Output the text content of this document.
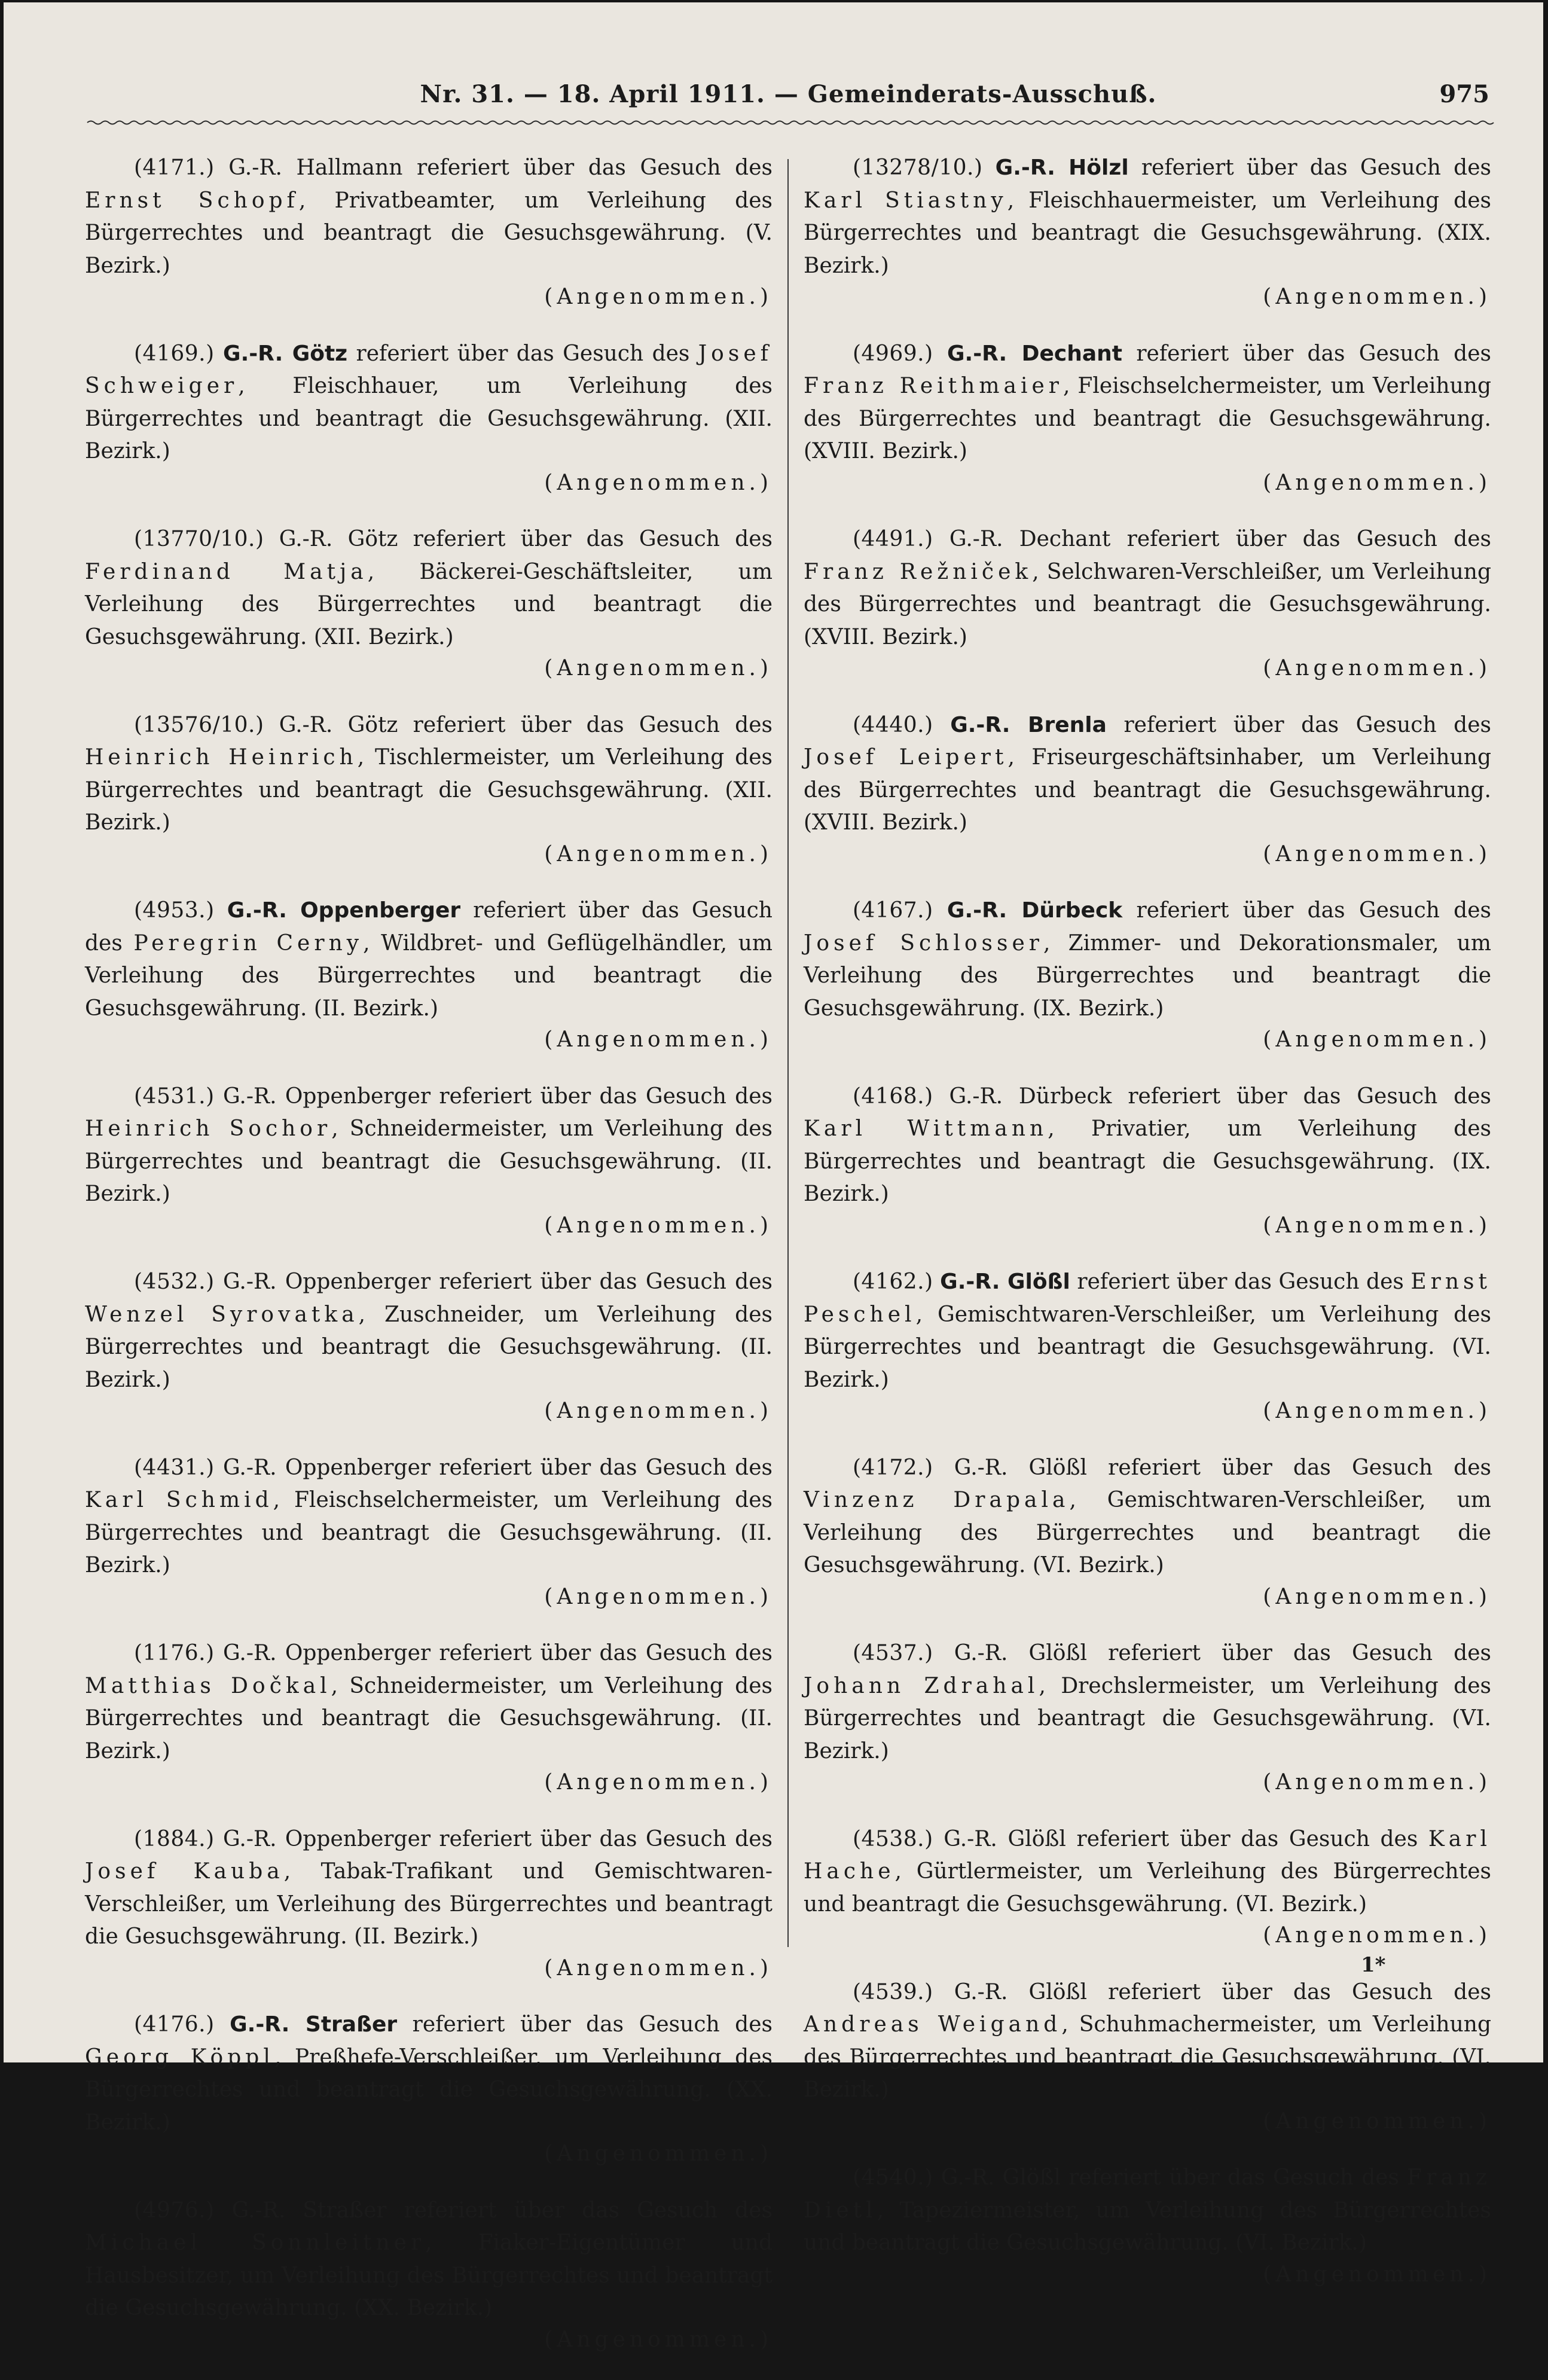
Nr. 31. — 18. April 1911. — Gemeinderats-Ausschuß.	975

(4171.) G.-R. Hallmann referiert über das Gesuch des Ernst Schopf, Privatbeamter, um Verleihung des Bürgerrechtes und beantragt die Gesuchsgewährung. (V. Bezirk.)
(Angenommen.)

(4169.) G.-R. Götz referiert über das Gesuch des Josef Schweiger, Fleischhauer, um Verleihung des Bürgerrechtes und beantragt die Gesuchsgewährung. (XII. Bezirk.)
(Angenommen.)

(13770/10.) G.-R. Götz referiert über das Gesuch des Ferdinand Matja, Bäckerei-Geschäftsleiter, um Verleihung des Bürgerrechtes und beantragt die Gesuchsgewährung. (XII. Bezirk.)
(Angenommen.)

(13576/10.) G.-R. Götz referiert über das Gesuch des Heinrich Heinrich, Tischlermeister, um Verleihung des Bürgerrechtes und beantragt die Gesuchsgewährung. (XII. Bezirk.)
(Angenommen.)

(4953.) G.-R. Oppenberger referiert über das Gesuch des Peregrin Cerny, Wildbret- und Geflügelhändler, um Verleihung des Bürgerrechtes und beantragt die Gesuchsgewährung. (II. Bezirk.)
(Angenommen.)

(4531.) G.-R. Oppenberger referiert über das Gesuch des Heinrich Sochor, Schneidermeister, um Verleihung des Bürgerrechtes und beantragt die Gesuchsgewährung. (II. Bezirk.)
(Angenommen.)

(4532.) G.-R. Oppenberger referiert über das Gesuch des Wenzel Syrovatka, Zuschneider, um Verleihung des Bürgerrechtes und beantragt die Gesuchsgewährung. (II. Bezirk.)
(Angenommen.)

(4431.) G.-R. Oppenberger referiert über das Gesuch des Karl Schmid, Fleischselchermeister, um Verleihung des Bürgerrechtes und beantragt die Gesuchsgewährung. (II. Bezirk.)
(Angenommen.)

(1176.) G.-R. Oppenberger referiert über das Gesuch des Matthias Dočkal, Schneidermeister, um Verleihung des Bürgerrechtes und beantragt die Gesuchsgewährung. (II. Bezirk.)
(Angenommen.)

(1884.) G.-R. Oppenberger referiert über das Gesuch des Josef Kauba, Tabak-Trafikant und Gemischtwaren-Verschleißer, um Verleihung des Bürgerrechtes und beantragt die Gesuchsgewährung. (II. Bezirk.)
(Angenommen.)

(4176.) G.-R. Straßer referiert über das Gesuch des Georg Köppl, Preßhefe-Verschleißer, um Verleihung des Bürgerrechtes und beantragt die Gesuchsgewährung. (XX. Bezirk.)
(Angenommen.)

(4976.) G.-R. Straßer referiert über das Gesuch des Michael Sonnleitner, Fiaker-Eigentümer und Hausbesitzer, um Verleihung des Bürgerrechtes und beantragt die Gesuchsgewährung. (XX. Bezirk.)
(Angenommen.)

(13278/10.) G.-R. Hölzl referiert über das Gesuch des Karl Stiastny, Fleischhauermeister, um Verleihung des Bürgerrechtes und beantragt die Gesuchsgewährung. (XIX. Bezirk.)
(Angenommen.)

(4969.) G.-R. Dechant referiert über das Gesuch des Franz Reithmaier, Fleischselchermeister, um Verleihung des Bürgerrechtes und beantragt die Gesuchsgewährung. (XVIII. Bezirk.)
(Angenommen.)

(4491.) G.-R. Dechant referiert über das Gesuch des Franz Režniček, Selchwaren-Verschleißer, um Verleihung des Bürgerrechtes und beantragt die Gesuchsgewährung. (XVIII. Bezirk.)
(Angenommen.)

(4440.) G.-R. Brenla referiert über das Gesuch des Josef Leipert, Friseurgeschäftsinhaber, um Verleihung des Bürgerrechtes und beantragt die Gesuchsgewährung. (XVIII. Bezirk.)
(Angenommen.)

(4167.) G.-R. Dürbeck referiert über das Gesuch des Josef Schlosser, Zimmer- und Dekorationsmaler, um Verleihung des Bürgerrechtes und beantragt die Gesuchsgewährung. (IX. Bezirk.)
(Angenommen.)

(4168.) G.-R. Dürbeck referiert über das Gesuch des Karl Wittmann, Privatier, um Verleihung des Bürgerrechtes und beantragt die Gesuchsgewährung. (IX. Bezirk.)
(Angenommen.)

(4162.) G.-R. Glößl referiert über das Gesuch des Ernst Peschel, Gemischtwaren-Verschleißer, um Verleihung des Bürgerrechtes und beantragt die Gesuchsgewährung. (VI. Bezirk.)
(Angenommen.)

(4172.) G.-R. Glößl referiert über das Gesuch des Vinzenz Drapala, Gemischtwaren-Verschleißer, um Verleihung des Bürgerrechtes und beantragt die Gesuchsgewährung. (VI. Bezirk.)
(Angenommen.)

(4537.) G.-R. Glößl referiert über das Gesuch des Johann Zdrahal, Drechslermeister, um Verleihung des Bürgerrechtes und beantragt die Gesuchsgewährung. (VI. Bezirk.)
(Angenommen.)

(4538.) G.-R. Glößl referiert über das Gesuch des Karl Hache, Gürtlermeister, um Verleihung des Bürgerrechtes und beantragt die Gesuchsgewährung. (VI. Bezirk.)
(Angenommen.)

(4539.) G.-R. Glößl referiert über das Gesuch des Andreas Weigand, Schuhmachermeister, um Verleihung des Bürgerrechtes und beantragt die Gesuchsgewährung. (VI. Bezirk.)
(Angenommen.)

(4540.) G.-R. Glößl referiert über das Gesuch des Franz Dietl, Tapeziermeister, um Verleihung des Bürgerrechtes und beantragt die Gesuchsgewährung. (VI. Bezirk.)
(Angenommen.)

1*
